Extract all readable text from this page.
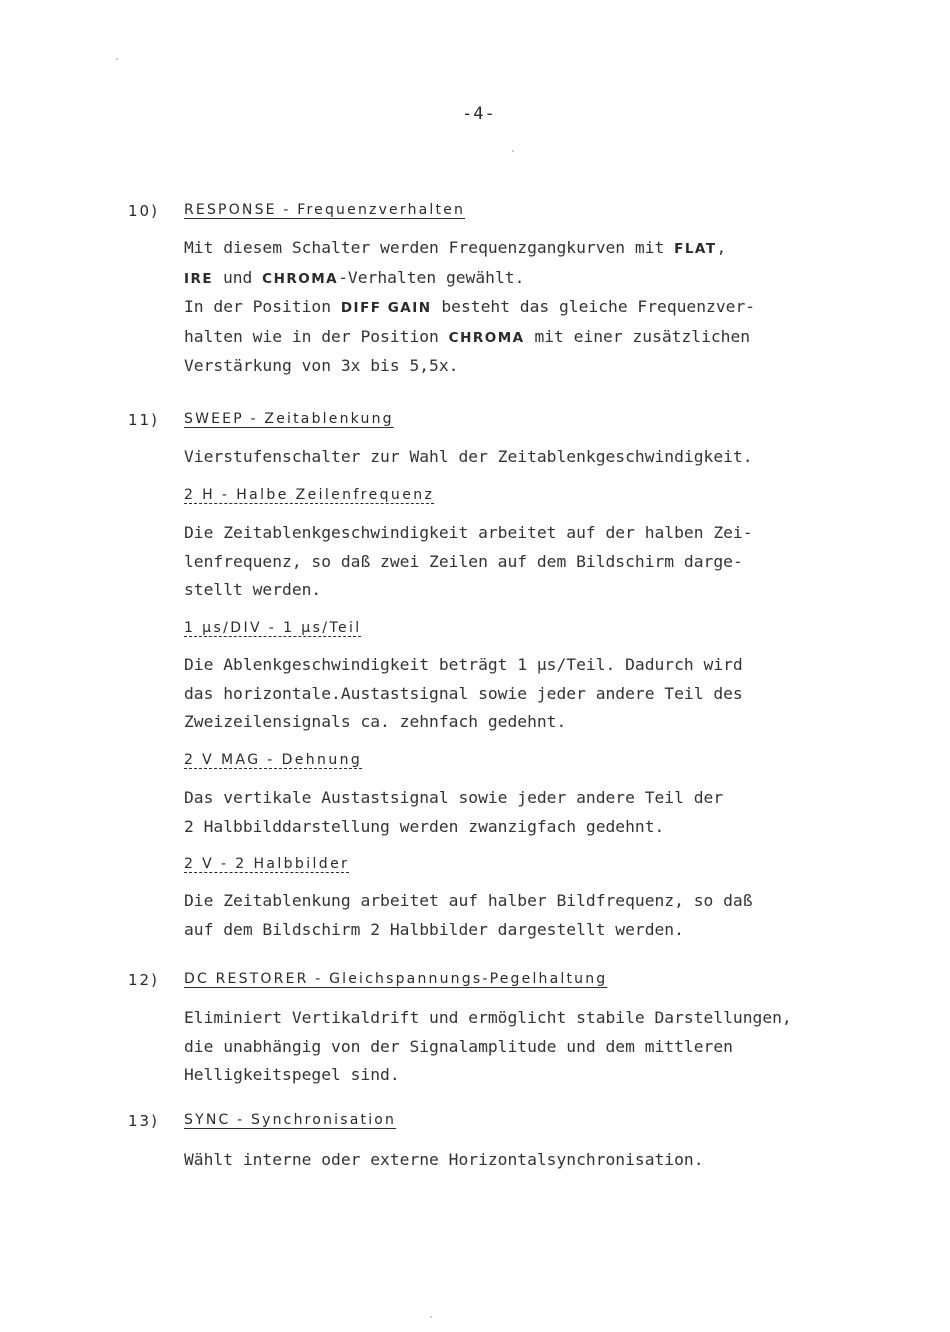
-4-
10) RESPONSE - Frequenzverhalten
Mit diesem Schalter werden Frequenzgangkurven mit FLAT,
IRE und CHROMA-Verhalten gewählt.
In der Position DIFF GAIN besteht das gleiche Frequenzver-
halten wie in der Position CHROMA mit einer zusätzlichen
Verstärkung von 3x bis 5,5x.
11) SWEEP - Zeitablenkung
Vierstufenschalter zur Wahl der Zeitablenkgeschwindigkeit.
2 H - Halbe Zeilenfrequenz
Die Zeitablenkgeschwindigkeit arbeitet auf der halben Zei-
lenfrequenz, so daß zwei Zeilen auf dem Bildschirm darge-
stellt werden.
1 µs/DIV - 1 µs/Teil
Die Ablenkgeschwindigkeit beträgt 1 µs/Teil. Dadurch wird
das horizontale.Austastsignal sowie jeder andere Teil des
Zweizeilensignals ca. zehnfach gedehnt.
2 V MAG - Dehnung
Das vertikale Austastsignal sowie jeder andere Teil der
2 Halbbilddarstellung werden zwanzigfach gedehnt.
2 V - 2 Halbbilder
Die Zeitablenkung arbeitet auf halber Bildfrequenz, so daß
auf dem Bildschirm 2 Halbbilder dargestellt werden.
12) DC RESTORER - Gleichspannungs-Pegelhaltung
Eliminiert Vertikaldrift und ermöglicht stabile Darstellungen,
die unabhängig von der Signalamplitude und dem mittleren
Helligkeitspegel sind.
13) SYNC - Synchronisation
Wählt interne oder externe Horizontalsynchronisation.
